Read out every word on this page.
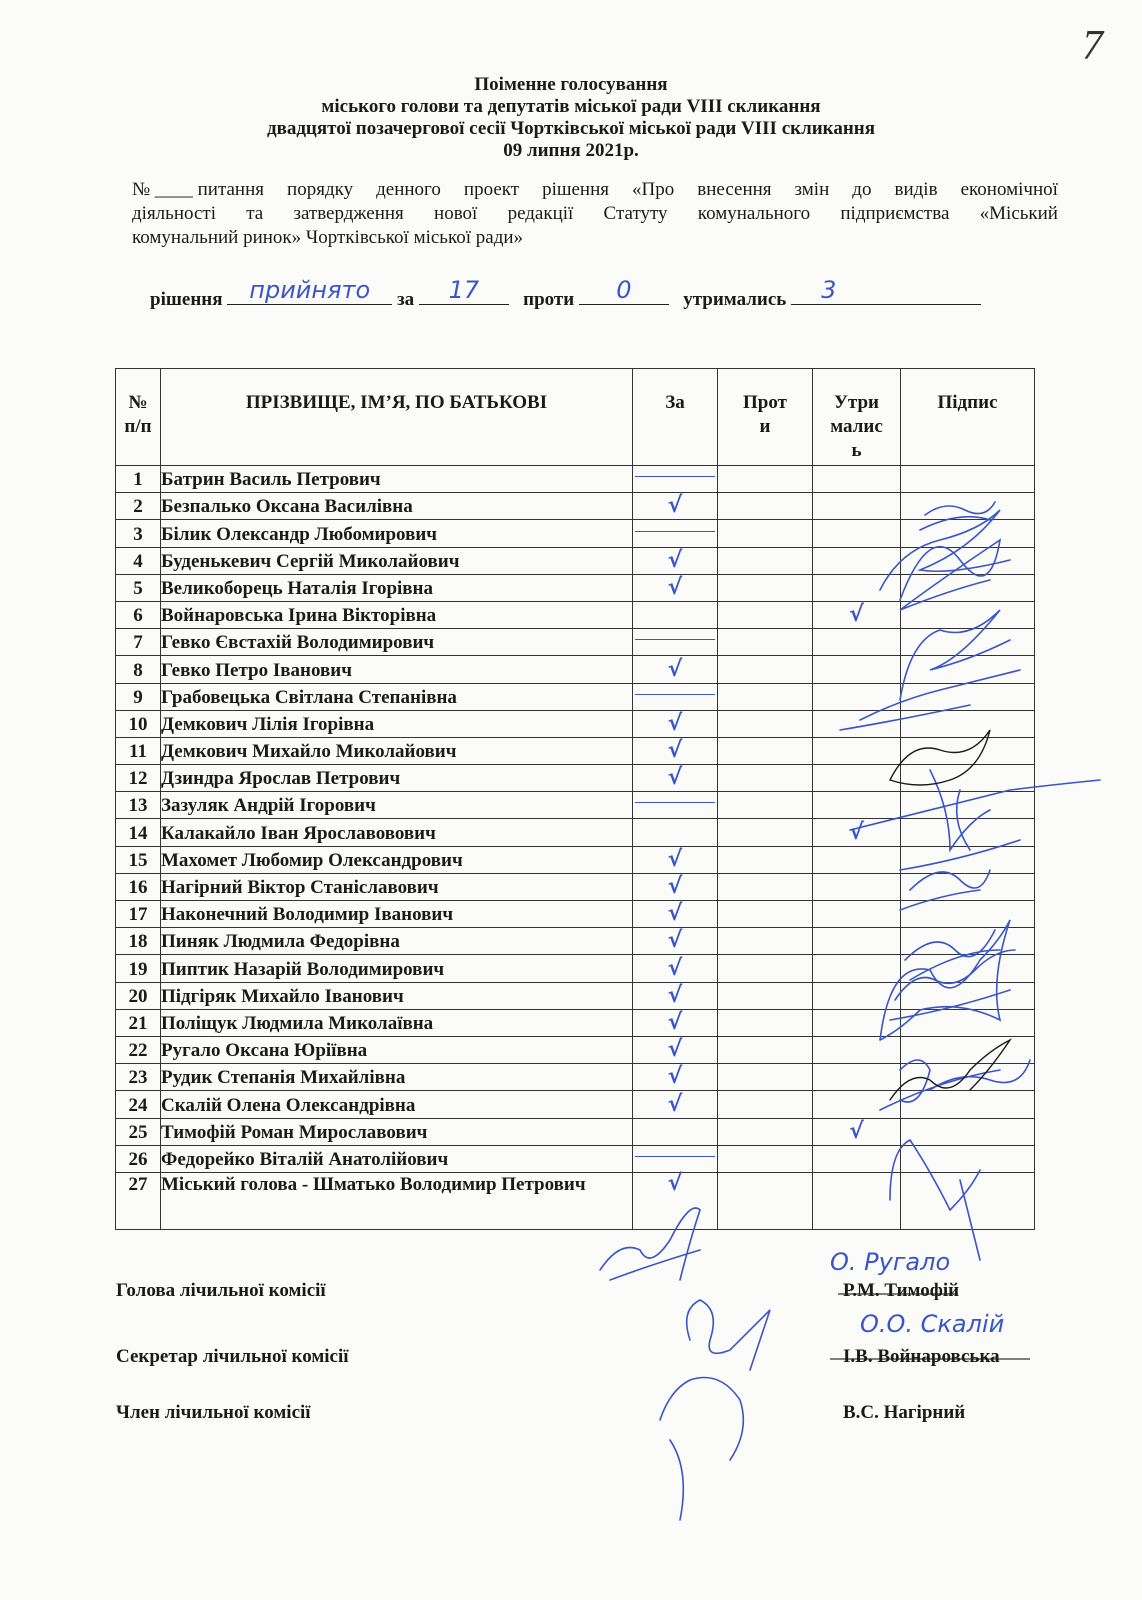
7
Поіменне голосування
міського голови та депутатів міської ради VIII скликання
двадцятої позачергової сесії Чортківської міської ради VIII скликання
09 липня 2021р.
№ ____ питання порядку денного проект рішення «Про внесення змін до видів економічної
діяльності та затвердження нової редакції Статуту комунального підприємства «Міський
комунальний ринок» Чортківської міської ради»
рішення	прийнято	за	17	проти	0	утримались	3
№ п/п	ПРІЗВИЩЕ, ІМ’Я, ПО БАТЬКОВІ	За	Проти	Утримались	Підпис
1	Батрин Василь Петрович				
2	Безпалько Оксана Василівна	√			
3	Білик Олександр Любомирович				
4	Буденькевич Сергій Миколайович	√			
5	Великоборець Наталія Ігорівна	√			
6	Войнаровська Ірина Вікторівна			√	
7	Гевко Євстахій Володимирович				
8	Гевко Петро Іванович	√			
9	Грабовецька Світлана Степанівна				
10	Демкович Лілія Ігорівна	√			
11	Демкович Михайло Миколайович	√			
12	Дзиндра Ярослав Петрович	√			
13	Зазуляк Андрій Ігорович				
14	Калакайло Іван Ярославовович			√	
15	Махомет Любомир Олександрович	√			
16	Нагірний Віктор Станіславович	√			
17	Наконечний Володимир Іванович	√			
18	Пиняк Людмила Федорівна	√			
19	Пиптик Назарій Володимирович	√			
20	Підгіряк Михайло Іванович	√			
21	Поліщук Людмила Миколаївна	√			
22	Ругало Оксана Юріївна	√			
23	Рудик Степанія Михайлівна	√			
24	Скалій Олена Олександрівна	√			
25	Тимофій Роман Мирославович			√	
26	Федорейко Віталій Анатолійович				
27	Міський голова - Шматько Володимир Петрович	√			
О. Ругало
Голова лічильної комісії	Р.М. Тимофій
О.О. Скалій
Секретар лічильної комісії	І.В. Войнаровська
Член лічильної комісії	В.С. Нагірний
